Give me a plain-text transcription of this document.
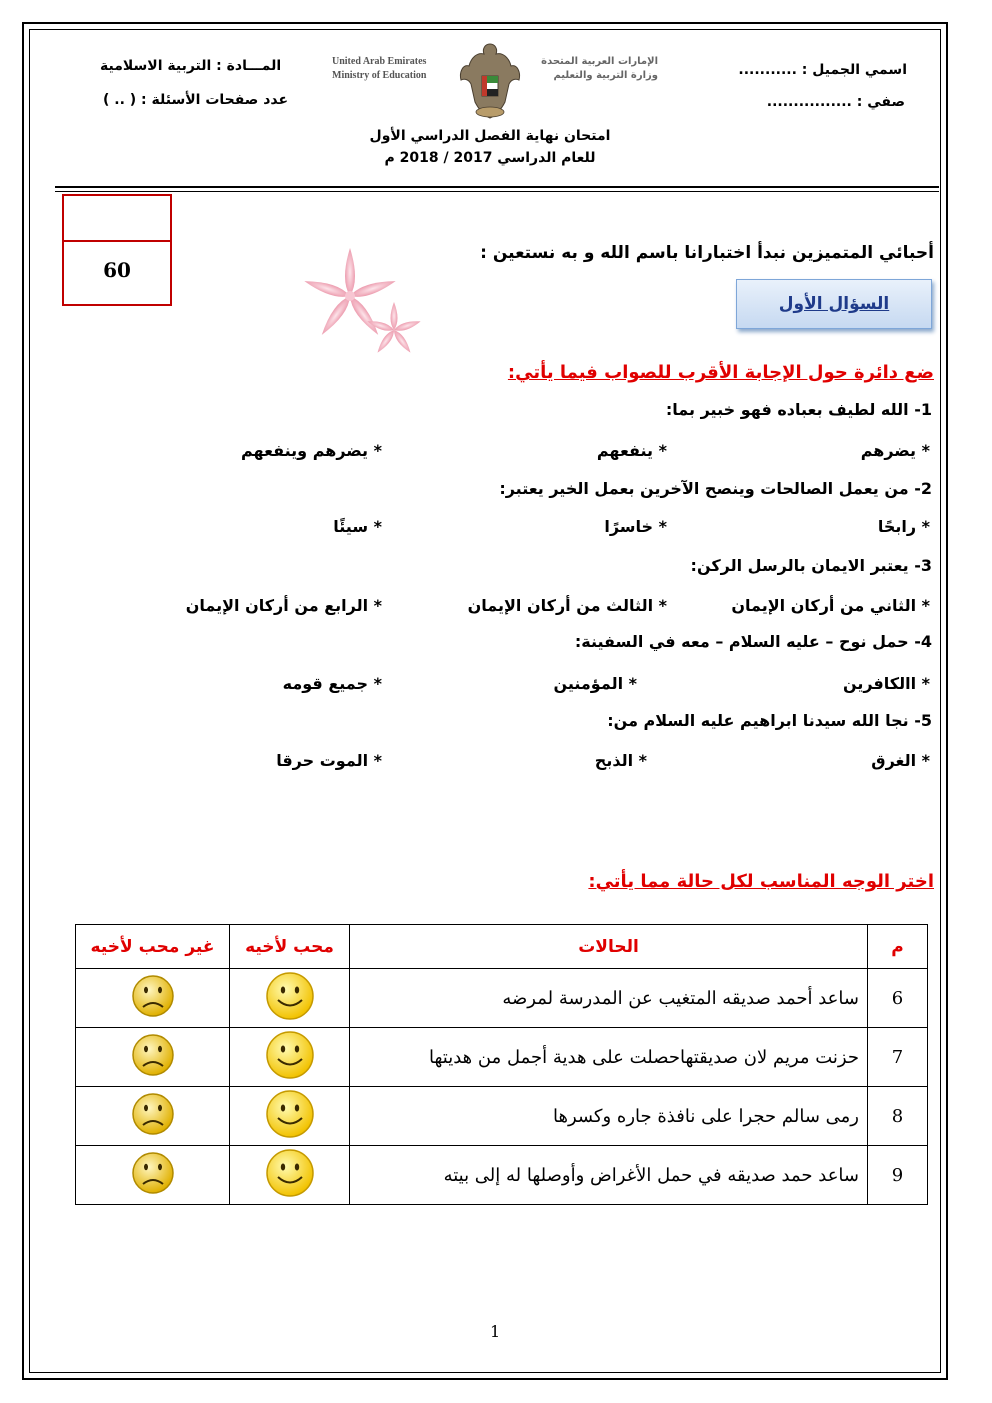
اسمي الجميل : ...........
صفي : ................
المـــادة : التربية الاسلامية
عدد صفحات الأسئلة : ( .. )
United Arab Emirates
Ministry of Education
الإمارات العربية المتحدة
وزارة التربية والتعليم
امتحان نهاية الفصل الدراسي الأول
للعام الدراسي 2017 / 2018 م
60
أحبائي المتميزين نبدأ اختبارانا باسم الله و به نستعين :
السؤال الأول
ضع دائرة حول الإجابة الأقرب للصواب فيما يأتي:
1- الله لطيف بعباده فهو خبير بما:
* يضرهم
* ينفعهم
* يضرهم وينفعهم
2- من يعمل الصالحات وينصح الآخرين بعمل الخير يعتبر:
* رابحًا
* خاسرًا
* سيئًا
3- يعتبر الايمان بالرسل الركن:
* الثاني من أركان الإيمان
* الثالث من أركان الإيمان
* الرابع من أركان الإيمان
4- حمل نوح – عليه السلام – معه في السفينة:
* االكافرين
* المؤمنين
* جميع قومه
5- نجا الله سيدنا ابراهيم عليه السلام من:
* الغرق
* الذبح
* الموت حرقا
اختر الوجه المناسب لكل حالة مما يأتي:
م	الحالات	محب لأخيه	غير محب لأخيه
6	ساعد أحمد صديقه المتغيب عن المدرسة لمرضه		
7	حزنت مريم لان صديقتهاحصلت على هدية أجمل من هديتها		
8	رمى سالم حجرا على نافذة جاره وكسرها		
9	ساعد حمد صديقه في حمل الأغراض وأوصلها له إلى بيته		
1
